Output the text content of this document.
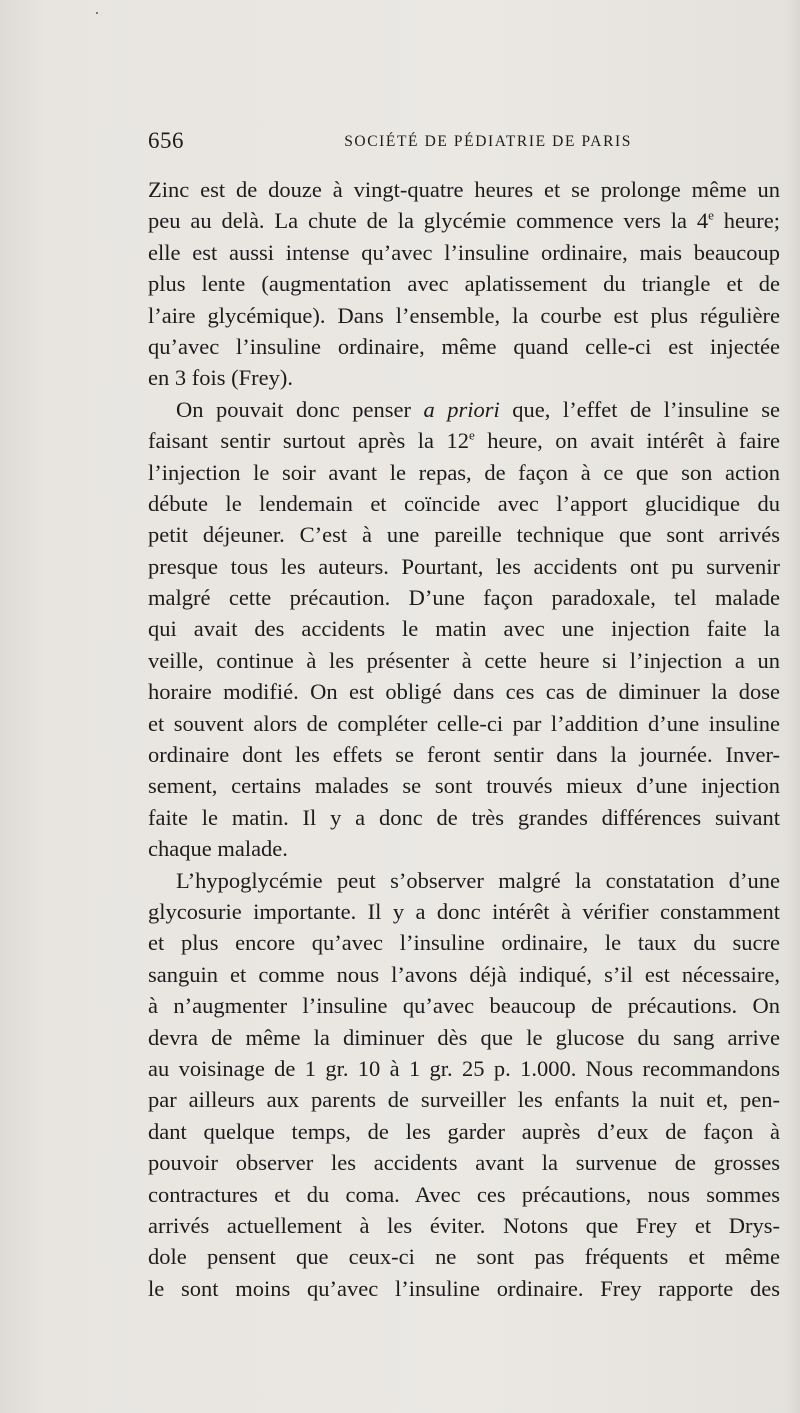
656	SOCIÉTÉ DE PÉDIATRIE DE PARIS
Zinc est de douze à vingt-quatre heures et se prolonge même un
peu au delà. La chute de la glycémie commence vers la 4e heure;
elle est aussi intense qu’avec l’insuline ordinaire, mais beaucoup
plus lente (augmentation avec aplatissement du triangle et de
l’aire glycémique). Dans l’ensemble, la courbe est plus régulière
qu’avec l’insuline ordinaire, même quand celle-ci est injectée
en 3 fois (Frey).
On pouvait donc penser a priori que, l’effet de l’insuline se
faisant sentir surtout après la 12e heure, on avait intérêt à faire
l’injection le soir avant le repas, de façon à ce que son action
débute le lendemain et coïncide avec l’apport glucidique du
petit déjeuner. C’est à une pareille technique que sont arrivés
presque tous les auteurs. Pourtant, les accidents ont pu survenir
malgré cette précaution. D’une façon paradoxale, tel malade
qui avait des accidents le matin avec une injection faite la
veille, continue à les présenter à cette heure si l’injection a un
horaire modifié. On est obligé dans ces cas de diminuer la dose
et souvent alors de compléter celle-ci par l’addition d’une insuline
ordinaire dont les effets se feront sentir dans la journée. Inver-
sement, certains malades se sont trouvés mieux d’une injection
faite le matin. Il y a donc de très grandes différences suivant
chaque malade.
L’hypoglycémie peut s’observer malgré la constatation d’une
glycosurie importante. Il y a donc intérêt à vérifier constamment
et plus encore qu’avec l’insuline ordinaire, le taux du sucre
sanguin et comme nous l’avons déjà indiqué, s’il est nécessaire,
à n’augmenter l’insuline qu’avec beaucoup de précautions. On
devra de même la diminuer dès que le glucose du sang arrive
au voisinage de 1 gr. 10 à 1 gr. 25 p. 1.000. Nous recommandons
par ailleurs aux parents de surveiller les enfants la nuit et, pen-
dant quelque temps, de les garder auprès d’eux de façon à
pouvoir observer les accidents avant la survenue de grosses
contractures et du coma. Avec ces précautions, nous sommes
arrivés actuellement à les éviter. Notons que Frey et Drys-
dole pensent que ceux-ci ne sont pas fréquents et même
le sont moins qu’avec l’insuline ordinaire. Frey rapporte des
